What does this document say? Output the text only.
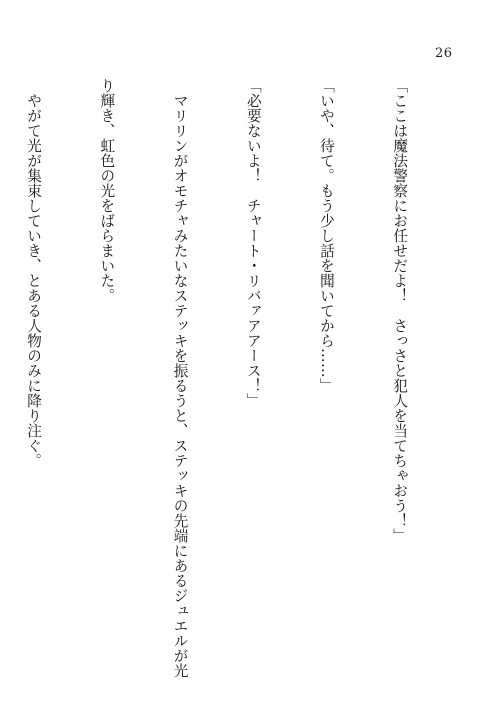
26

「ここは魔法警察にお任せだよ！　さっさと犯人を当てちゃおう！」

「いや、待て。もう少し話を聞いてから……」

「必要ないよ！　チャート・リバァアアース！」

　マリリンがオモチャみたいなステッキを振るうと、ステッキの先端にあるジュエルが光

り輝き、虹色の光をばらまいた。

　やがて光が集束していき、とある人物のみに降り注ぐ。
